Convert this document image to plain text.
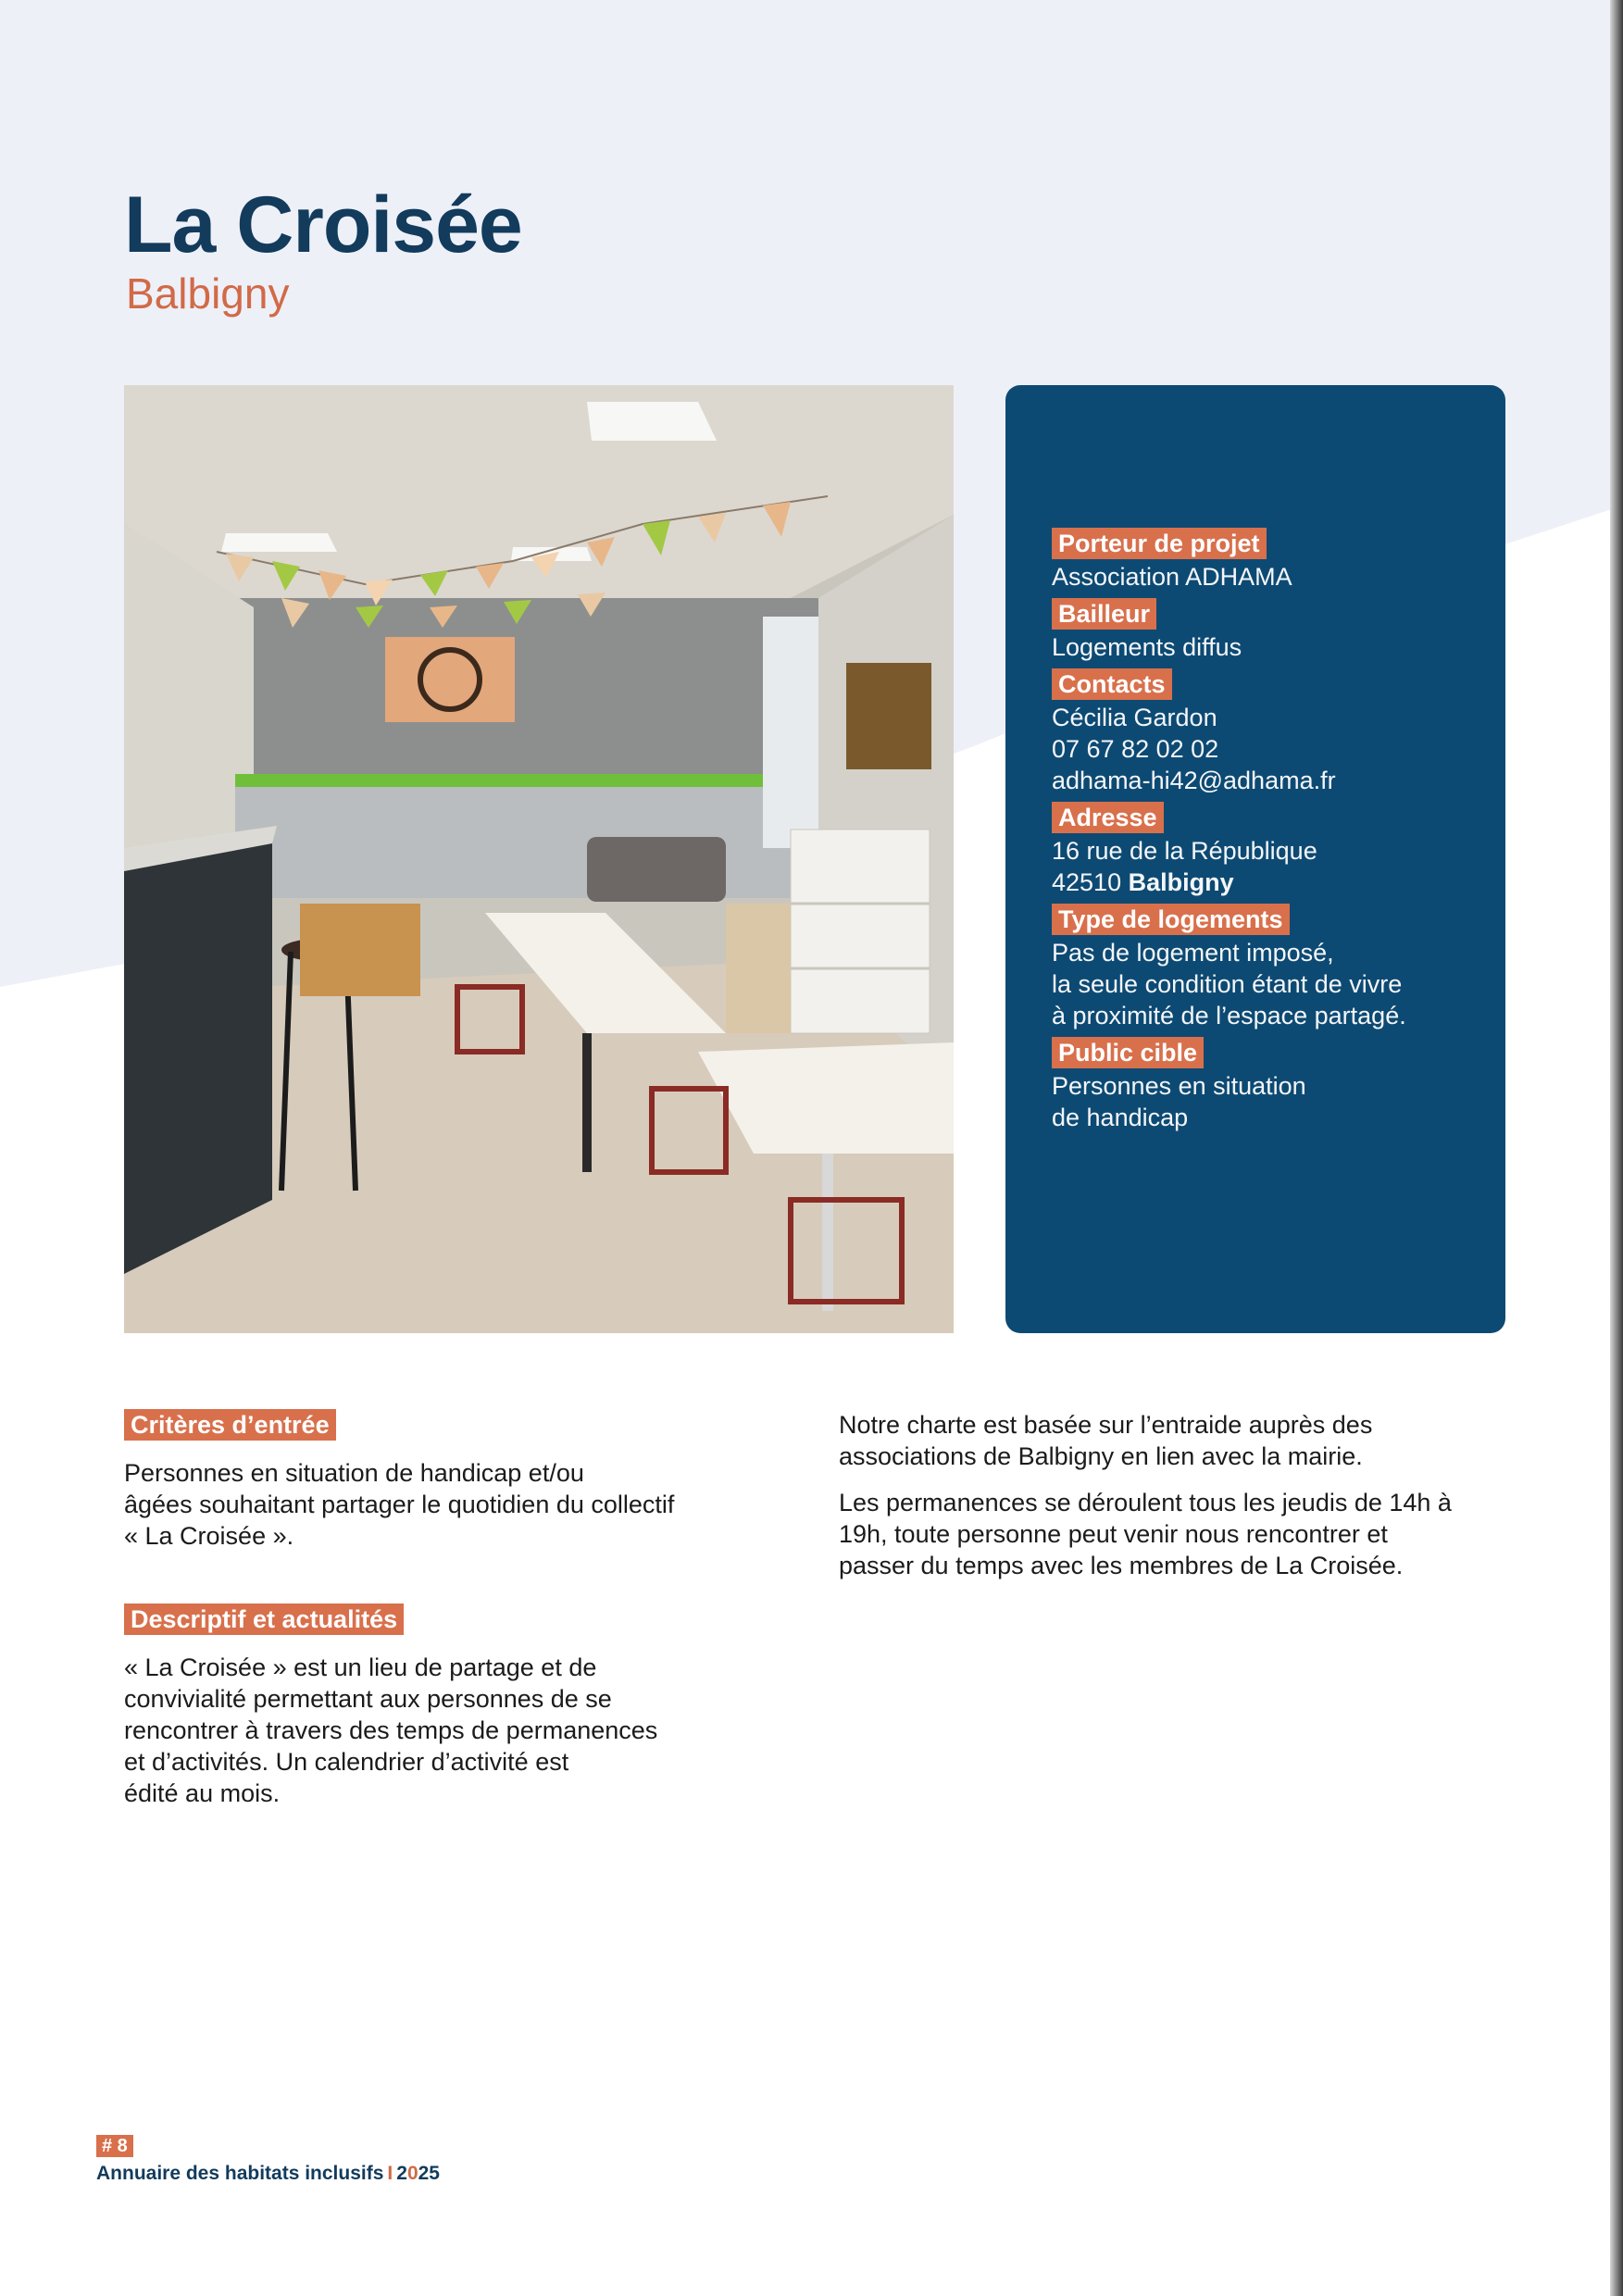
La Croisée
Balbigny
Porteur de projet
Association ADHAMA
Bailleur
Logements diffus
Contacts
Cécilia Gardon
07 67 82 02 02
adhama-hi42@adhama.fr
Adresse
16 rue de la République
42510 Balbigny
Type de logements
Pas de logement imposé,
la seule condition étant de vivre
à proximité de l’espace partagé.
Public cible
Personnes en situation
de handicap
Critères d’entrée
Personnes en situation de handicap et/ou
âgées souhaitant partager le quotidien du collectif
« La Croisée ».
Descriptif et actualités
« La Croisée » est un lieu de partage et de
convivialité permettant aux personnes de se
rencontrer à travers des temps de permanences
et d’activités. Un calendrier d’activité est
édité au mois.
Notre charte est basée sur l’entraide auprès des
associations de Balbigny en lien avec la mairie.
Les permanences se déroulent tous les jeudis de 14h à
19h, toute personne peut venir nous rencontrer et
passer du temps avec les membres de La Croisée.
# 8
Annuaire des habitats inclusifs I 2025
